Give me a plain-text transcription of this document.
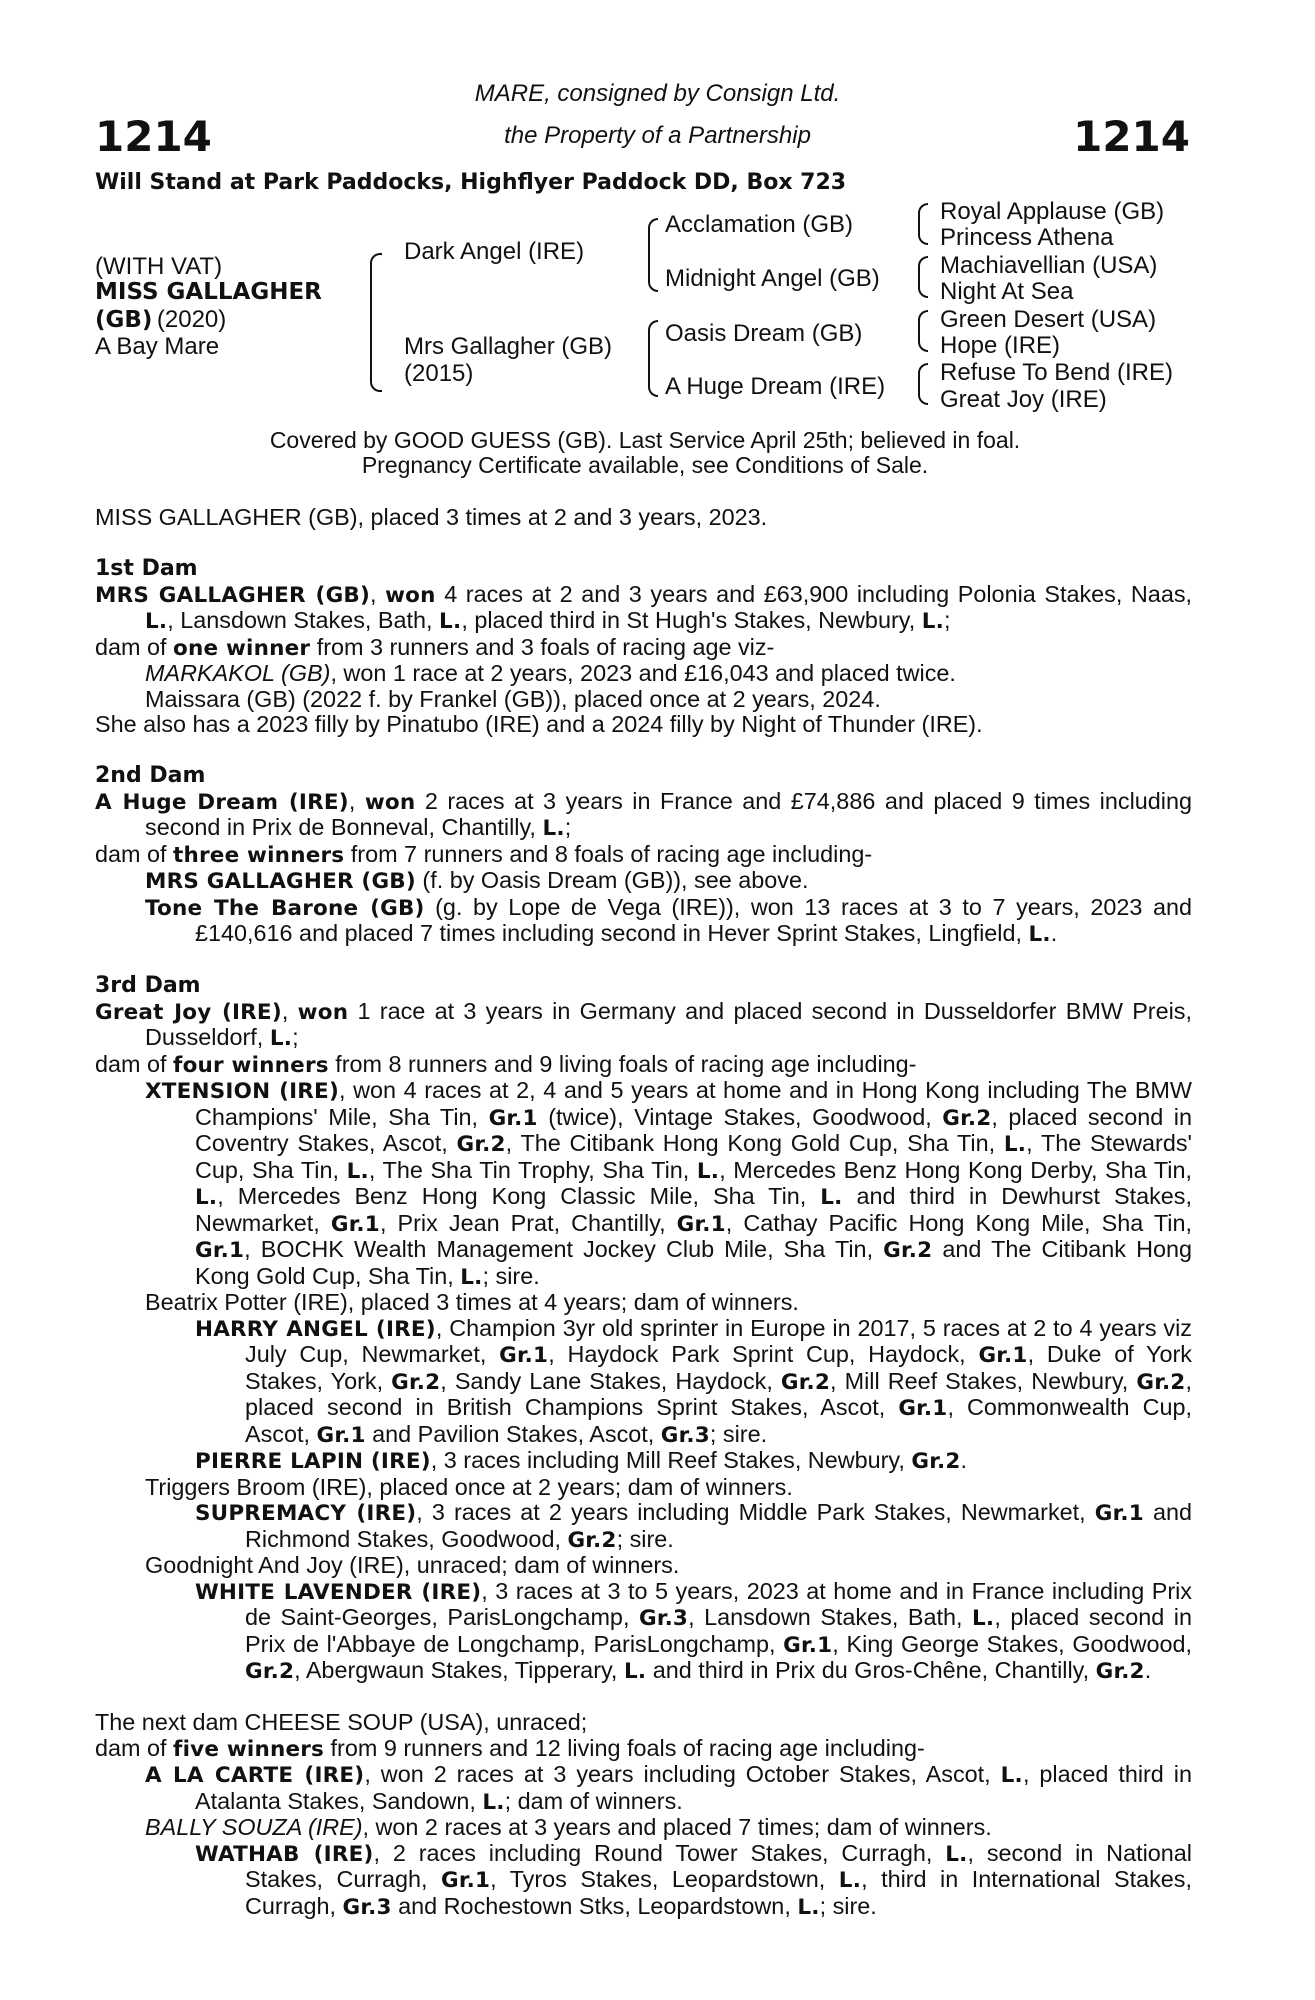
1214	1214
MARE, consigned by Consign Ltd.
the Property of a Partnership
Will Stand at Park Paddocks, Highflyer Paddock DD, Box 723
(WITH VAT)
MISS GALLAGHER
(GB) (2020)
A Bay Mare
Dark Angel (IRE)
Mrs Gallagher (GB)
(2015)
Acclamation (GB)
Midnight Angel (GB)
Oasis Dream (GB)
A Huge Dream (IRE)
Royal Applause (GB)
Princess Athena
Machiavellian (USA)
Night At Sea
Green Desert (USA)
Hope (IRE)
Refuse To Bend (IRE)
Great Joy (IRE)
Covered by GOOD GUESS (GB). Last Service April 25th; believed in foal.
Pregnancy Certificate available, see Conditions of Sale.

MISS GALLAGHER (GB), placed 3 times at 2 and 3 years, 2023.

1st Dam

MRS GALLAGHER (GB), won 4 races at 2 and 3 years and £63,900 including Polonia Stakes, Naas, L., Lansdown Stakes, Bath, L., placed third in St Hugh's Stakes, Newbury, L.;

dam of one winner from 3 runners and 3 foals of racing age viz-

MARKAKOL (GB), won 1 race at 2 years, 2023 and £16,043 and placed twice.

Maissara (GB) (2022 f. by Frankel (GB)), placed once at 2 years, 2024.

She also has a 2023 filly by Pinatubo (IRE) and a 2024 filly by Night of Thunder (IRE).

2nd Dam

A Huge Dream (IRE), won 2 races at 3 years in France and £74,886 and placed 9 times including second in Prix de Bonneval, Chantilly, L.;

dam of three winners from 7 runners and 8 foals of racing age including-

MRS GALLAGHER (GB) (f. by Oasis Dream (GB)), see above.

Tone The Barone (GB) (g. by Lope de Vega (IRE)), won 13 races at 3 to 7 years, 2023 and £140,616 and placed 7 times including second in Hever Sprint Stakes, Lingfield, L..

3rd Dam

Great Joy (IRE), won 1 race at 3 years in Germany and placed second in Dusseldorfer BMW Preis, Dusseldorf, L.;

dam of four winners from 8 runners and 9 living foals of racing age including-

XTENSION (IRE), won 4 races at 2, 4 and 5 years at home and in Hong Kong including The BMW Champions' Mile, Sha Tin, Gr.1 (twice), Vintage Stakes, Goodwood, Gr.2, placed second in Coventry Stakes, Ascot, Gr.2, The Citibank Hong Kong Gold Cup, Sha Tin, L., The Stewards' Cup, Sha Tin, L., The Sha Tin Trophy, Sha Tin, L., Mercedes Benz Hong Kong Derby, Sha Tin, L., Mercedes Benz Hong Kong Classic Mile, Sha Tin, L. and third in Dewhurst Stakes, Newmarket, Gr.1, Prix Jean Prat, Chantilly, Gr.1, Cathay Pacific Hong Kong Mile, Sha Tin, Gr.1, BOCHK Wealth Management Jockey Club Mile, Sha Tin, Gr.2 and The Citibank Hong Kong Gold Cup, Sha Tin, L.; sire.

Beatrix Potter (IRE), placed 3 times at 4 years; dam of winners.

HARRY ANGEL (IRE), Champion 3yr old sprinter in Europe in 2017, 5 races at 2 to 4 years viz July Cup, Newmarket, Gr.1, Haydock Park Sprint Cup, Haydock, Gr.1, Duke of York Stakes, York, Gr.2, Sandy Lane Stakes, Haydock, Gr.2, Mill Reef Stakes, Newbury, Gr.2, placed second in British Champions Sprint Stakes, Ascot, Gr.1, Commonwealth Cup, Ascot, Gr.1 and Pavilion Stakes, Ascot, Gr.3; sire.

PIERRE LAPIN (IRE), 3 races including Mill Reef Stakes, Newbury, Gr.2.

Triggers Broom (IRE), placed once at 2 years; dam of winners.

SUPREMACY (IRE), 3 races at 2 years including Middle Park Stakes, Newmarket, Gr.1 and Richmond Stakes, Goodwood, Gr.2; sire.

Goodnight And Joy (IRE), unraced; dam of winners.

WHITE LAVENDER (IRE), 3 races at 3 to 5 years, 2023 at home and in France including Prix de Saint-Georges, ParisLongchamp, Gr.3, Lansdown Stakes, Bath, L., placed second in Prix de l'Abbaye de Longchamp, ParisLongchamp, Gr.1, King George Stakes, Goodwood, Gr.2, Abergwaun Stakes, Tipperary, L. and third in Prix du Gros-Chêne, Chantilly, Gr.2.

The next dam CHEESE SOUP (USA), unraced;

dam of five winners from 9 runners and 12 living foals of racing age including-

A LA CARTE (IRE), won 2 races at 3 years including October Stakes, Ascot, L., placed third in Atalanta Stakes, Sandown, L.; dam of winners.

BALLY SOUZA (IRE), won 2 races at 3 years and placed 7 times; dam of winners.

WATHAB (IRE), 2 races including Round Tower Stakes, Curragh, L., second in National Stakes, Curragh, Gr.1, Tyros Stakes, Leopardstown, L., third in International Stakes, Curragh, Gr.3 and Rochestown Stks, Leopardstown, L.; sire.
